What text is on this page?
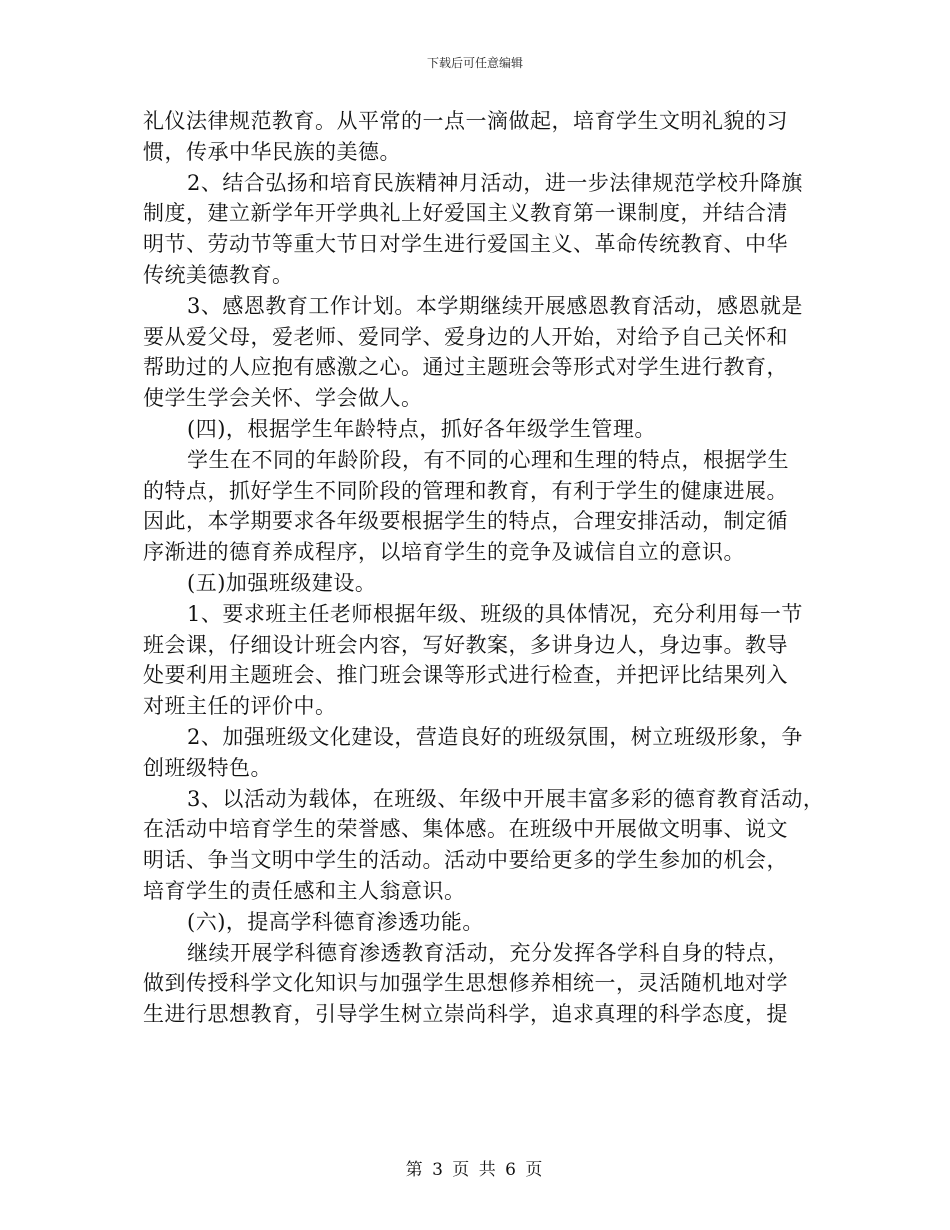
下载后可任意编辑
礼仪法律规范教育。从平常的一点一滴做起，培育学生文明礼貌的习
惯，传承中华民族的美德。
2、结合弘扬和培育民族精神月活动，进一步法律规范学校升降旗
制度，建立新学年开学典礼上好爱国主义教育第一课制度，并结合清
明节、劳动节等重大节日对学生进行爱国主义、革命传统教育、中华
传统美德教育。
3、感恩教育工作计划。本学期继续开展感恩教育活动，感恩就是
要从爱父母，爱老师、爱同学、爱身边的人开始，对给予自己关怀和
帮助过的人应抱有感激之心。通过主题班会等形式对学生进行教育，
使学生学会关怀、学会做人。
(四)，根据学生年龄特点，抓好各年级学生管理。
学生在不同的年龄阶段，有不同的心理和生理的特点，根据学生
的特点，抓好学生不同阶段的管理和教育，有利于学生的健康进展。
因此，本学期要求各年级要根据学生的特点，合理安排活动，制定循
序渐进的德育养成程序，以培育学生的竞争及诚信自立的意识。
(五)加强班级建设。
1、要求班主任老师根据年级、班级的具体情况，充分利用每一节
班会课，仔细设计班会内容，写好教案，多讲身边人，身边事。教导
处要利用主题班会、推门班会课等形式进行检查，并把评比结果列入
对班主任的评价中。
2、加强班级文化建设，营造良好的班级氛围，树立班级形象，争
创班级特色。
3、以活动为载体，在班级、年级中开展丰富多彩的德育教育活动，
在活动中培育学生的荣誉感、集体感。在班级中开展做文明事、说文
明话、争当文明中学生的活动。活动中要给更多的学生参加的机会，
培育学生的责任感和主人翁意识。
(六)，提高学科德育渗透功能。
继续开展学科德育渗透教育活动，充分发挥各学科自身的特点，
做到传授科学文化知识与加强学生思想修养相统一，灵活随机地对学
生进行思想教育，引导学生树立崇尚科学，追求真理的科学态度，提
第 3 页 共 6 页
